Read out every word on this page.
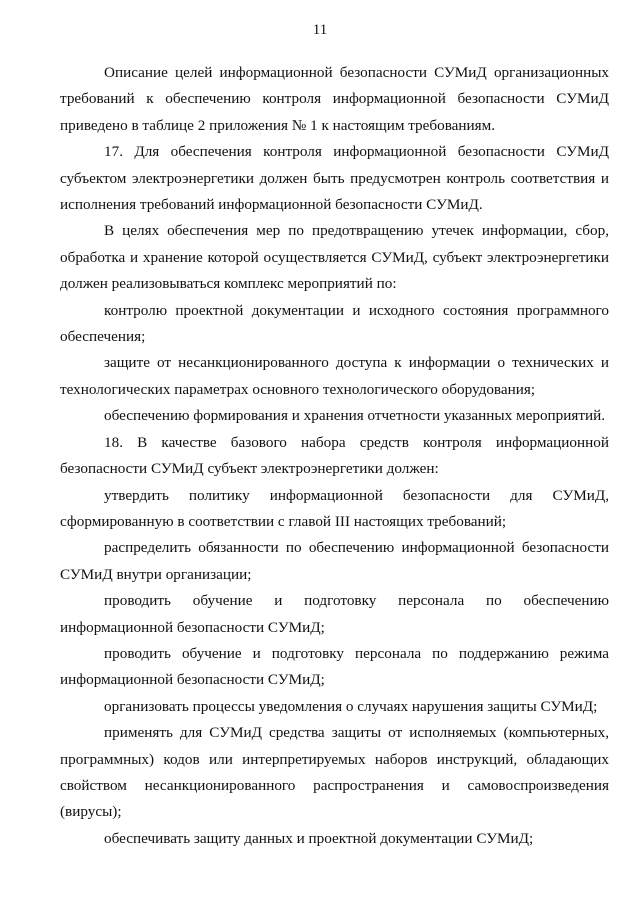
11

Описание целей информационной безопасности СУМиД организационных требований к обеспечению контроля информационной безопасности СУМиД приведено в таблице 2 приложения № 1 к настоящим требованиям.

17. Для обеспечения контроля информационной безопасности СУМиД субъектом электроэнергетики должен быть предусмотрен контроль соответствия и исполнения требований информационной безопасности СУМиД.

В целях обеспечения мер по предотвращению утечек информации, сбор, обработка и хранение которой осуществляется СУМиД, субъект электроэнергетики должен реализовываться комплекс мероприятий по:

контролю проектной документации и исходного состояния программного обеспечения;

защите от несанкционированного доступа к информации о технических и технологических параметрах основного технологического оборудования;

обеспечению формирования и хранения отчетности указанных мероприятий.

18. В качестве базового набора средств контроля информационной безопасности СУМиД субъект электроэнергетики должен:

утвердить политику информационной безопасности для СУМиД, сформированную в соответствии с главой III настоящих требований;

распределить обязанности по обеспечению информационной безопасности СУМиД внутри организации;

проводить обучение и подготовку персонала по обеспечению информационной безопасности СУМиД;

проводить обучение и подготовку персонала по поддержанию режима информационной безопасности СУМиД;

организовать процессы уведомления о случаях нарушения защиты СУМиД;

применять для СУМиД средства защиты от исполняемых (компьютерных, программных) кодов или интерпретируемых наборов инструкций, обладающих свойством несанкционированного распространения и самовоспроизведения (вирусы);

обеспечивать защиту данных и проектной документации СУМиД;
